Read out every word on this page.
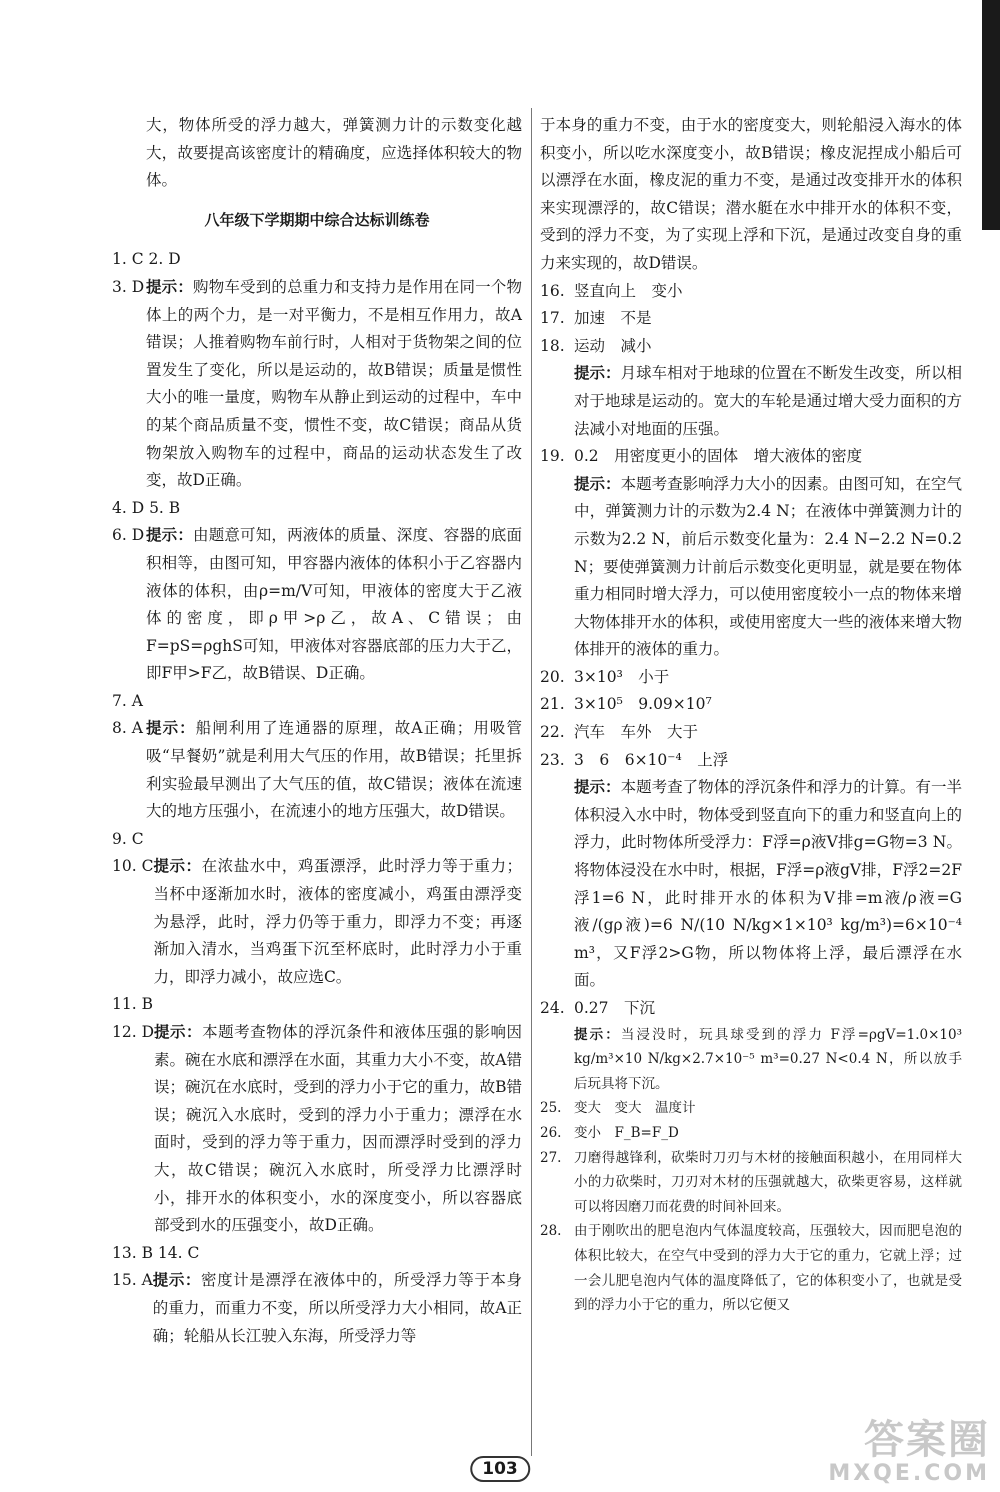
大，物体所受的浮力越大，弹簧测力计的示数变化越大，故要提高该密度计的精确度，应选择体积较大的物体。
八年级下学期期中综合达标训练卷
1. C 2. D
3. D 提示：购物车受到的总重力和支持力是作用在同一个物体上的两个力，是一对平衡力，不是相互作用力，故A错误；人推着购物车前行时，人相对于货物架之间的位置发生了变化，所以是运动的，故B错误；质量是惯性大小的唯一量度，购物车从静止到运动的过程中，车中的某个商品质量不变，惯性不变，故C错误；商品从货物架放入购物车的过程中，商品的运动状态发生了改变，故D正确。
4. D 5. B
6. D 提示：由题意可知，两液体的质量、深度、容器的底面积相等，由图可知，甲容器内液体的体积小于乙容器内液体的体积，由ρ=m/V可知，甲液体的密度大于乙液体的密度，即ρ甲>ρ乙，故A、C错误；由F=pS=ρghS可知，甲液体对容器底部的压力大于乙，即F甲>F乙，故B错误、D正确。
7. A
8. A 提示：船闸利用了连通器的原理，故A正确；用吸管吸“早餐奶”就是利用大气压的作用，故B错误；托里拆利实验最早测出了大气压的值，故C错误；液体在流速大的地方压强小，在流速小的地方压强大，故D错误。
9. C
10. C 提示：在浓盐水中，鸡蛋漂浮，此时浮力等于重力；当杯中逐渐加水时，液体的密度减小，鸡蛋由漂浮变为悬浮，此时，浮力仍等于重力，即浮力不变；再逐渐加入清水，当鸡蛋下沉至杯底时，此时浮力小于重力，即浮力减小，故应选C。
11. B
12. D 提示：本题考查物体的浮沉条件和液体压强的影响因素。碗在水底和漂浮在水面，其重力大小不变，故A错误；碗沉在水底时，受到的浮力小于它的重力，故B错误；碗沉入水底时，受到的浮力小于重力；漂浮在水面时，受到的浮力等于重力，因而漂浮时受到的浮力大，故C错误；碗沉入水底时，所受浮力比漂浮时小，排开水的体积变小，水的深度变小，所以容器底部受到水的压强变小，故D正确。
13. B 14. C
15. A 提示：密度计是漂浮在液体中的，所受浮力等于本身的重力，而重力不变，所以所受浮力大小相同，故A正确；轮船从长江驶入东海，所受浮力等
于本身的重力不变，由于水的密度变大，则轮船浸入海水的体积变小，所以吃水深度变小，故B错误；橡皮泥捏成小船后可以漂浮在水面，橡皮泥的重力不变，是通过改变排开水的体积来实现漂浮的，故C错误；潜水艇在水中排开水的体积不变，受到的浮力不变，为了实现上浮和下沉，是通过改变自身的重力来实现的，故D错误。
16. 竖直向上　变小
17. 加速　不是
18. 运动　减小
提示：月球车相对于地球的位置在不断发生改变，所以相对于地球是运动的。宽大的车轮是通过增大受力面积的方法减小对地面的压强。
19. 0.2　用密度更小的固体　增大液体的密度
提示：本题考查影响浮力大小的因素。由图可知，在空气中，弹簧测力计的示数为2.4 N；在液体中弹簧测力计的示数为2.2 N，前后示数变化量为：2.4 N−2.2 N=0.2 N；要使弹簧测力计前后示数变化更明显，就是要在物体重力相同时增大浮力，可以使用密度较小一点的物体来增大物体排开水的体积，或使用密度大一些的液体来增大物体排开的液体的重力。
20. 3×10³　小于
21. 3×10⁵　9.09×10⁷
22. 汽车　车外　大于
23. 3　6　6×10⁻⁴　上浮
提示：本题考查了物体的浮沉条件和浮力的计算。有一半体积浸入水中时，物体受到竖直向下的重力和竖直向上的浮力，此时物体所受浮力：F浮=ρ液V排g=G物=3 N。将物体浸没在水中时，根据，F浮=ρ液gV排，F浮2=2F浮1=6 N，此时排开水的体积为V排=m液/ρ液=G液/(gρ液)=6 N/(10 N/kg×1×10³ kg/m³)=6×10⁻⁴ m³，又F浮2>G物，所以物体将上浮，最后漂浮在水面。
24. 0.27　下沉
提示：当浸没时，玩具球受到的浮力 F浮=ρgV=1.0×10³ kg/m³×10 N/kg×2.7×10⁻⁵ m³=0.27 N<0.4 N，所以放手后玩具将下沉。
25. 变大　变大　温度计
26. 变小　F_B=F_D
27. 刀磨得越锋利，砍柴时刀刃与木材的接触面积越小，在用同样大小的力砍柴时，刀刃对木材的压强就越大，砍柴更容易，这样就可以将因磨刀而花费的时间补回来。
28. 由于刚吹出的肥皂泡内气体温度较高，压强较大，因而肥皂泡的体积比较大，在空气中受到的浮力大于它的重力，它就上浮；过一会儿肥皂泡内气体的温度降低了，它的体积变小了，也就是受到的浮力小于它的重力，所以它便又
103
答案圈
MXQE.COM
